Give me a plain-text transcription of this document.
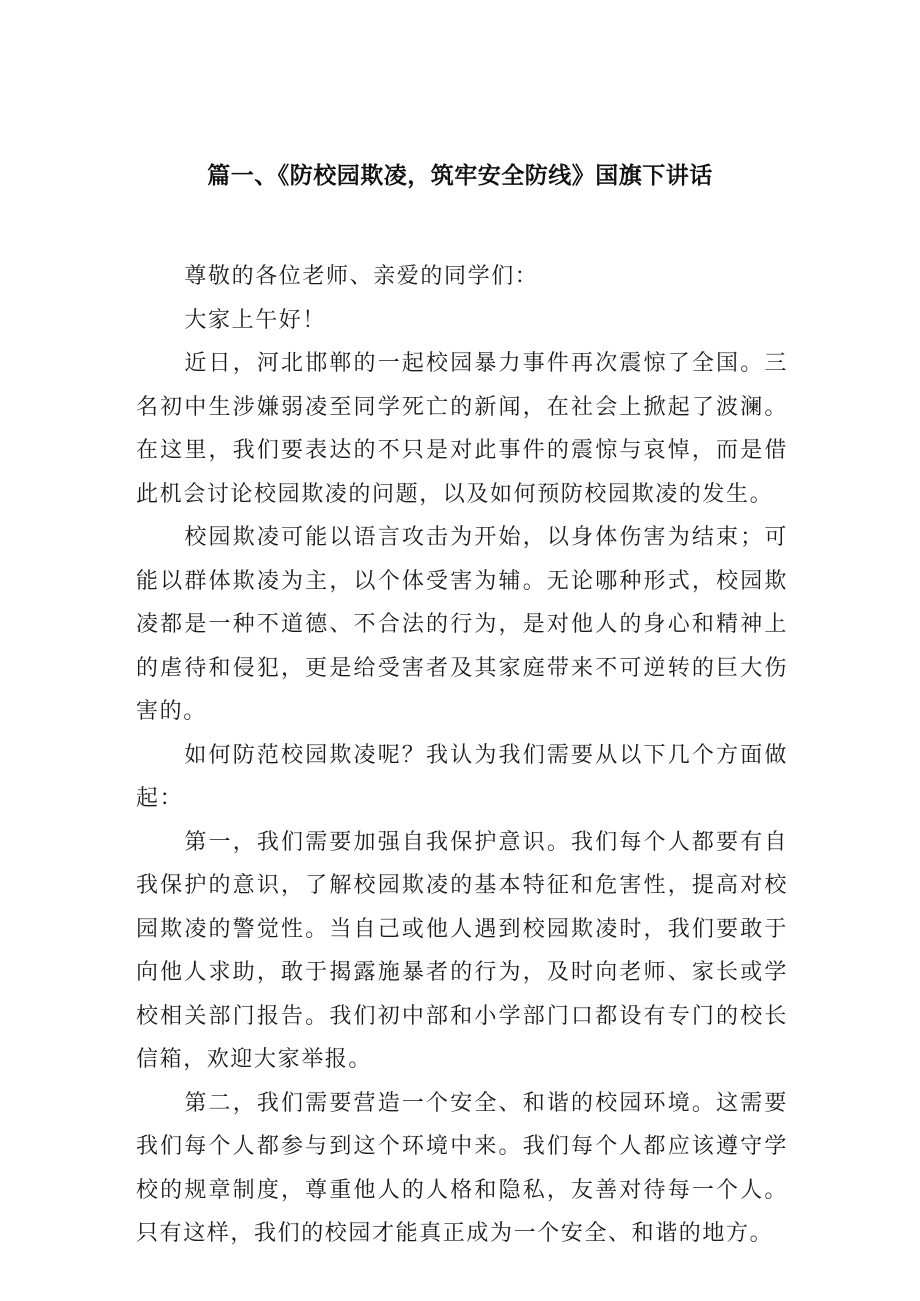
篇一、《防校园欺凌，筑牢安全防线》国旗下讲话

尊敬的各位老师、亲爱的同学们：

大家上午好！

近日，河北邯郸的一起校园暴力事件再次震惊了全国。三名初中生涉嫌弱凌至同学死亡的新闻，在社会上掀起了波澜。在这里，我们要表达的不只是对此事件的震惊与哀悼，而是借此机会讨论校园欺凌的问题，以及如何预防校园欺凌的发生。

校园欺凌可能以语言攻击为开始，以身体伤害为结束；可能以群体欺凌为主，以个体受害为辅。无论哪种形式，校园欺凌都是一种不道德、不合法的行为，是对他人的身心和精神上的虐待和侵犯，更是给受害者及其家庭带来不可逆转的巨大伤害的。

如何防范校园欺凌呢？我认为我们需要从以下几个方面做起：

第一，我们需要加强自我保护意识。我们每个人都要有自我保护的意识，了解校园欺凌的基本特征和危害性，提高对校园欺凌的警觉性。当自己或他人遇到校园欺凌时，我们要敢于向他人求助，敢于揭露施暴者的行为，及时向老师、家长或学校相关部门报告。我们初中部和小学部门口都设有专门的校长信箱，欢迎大家举报。

第二，我们需要营造一个安全、和谐的校园环境。这需要我们每个人都参与到这个环境中来。我们每个人都应该遵守学校的规章制度，尊重他人的人格和隐私，友善对待每一个人。只有这样，我们的校园才能真正成为一个安全、和谐的地方。
